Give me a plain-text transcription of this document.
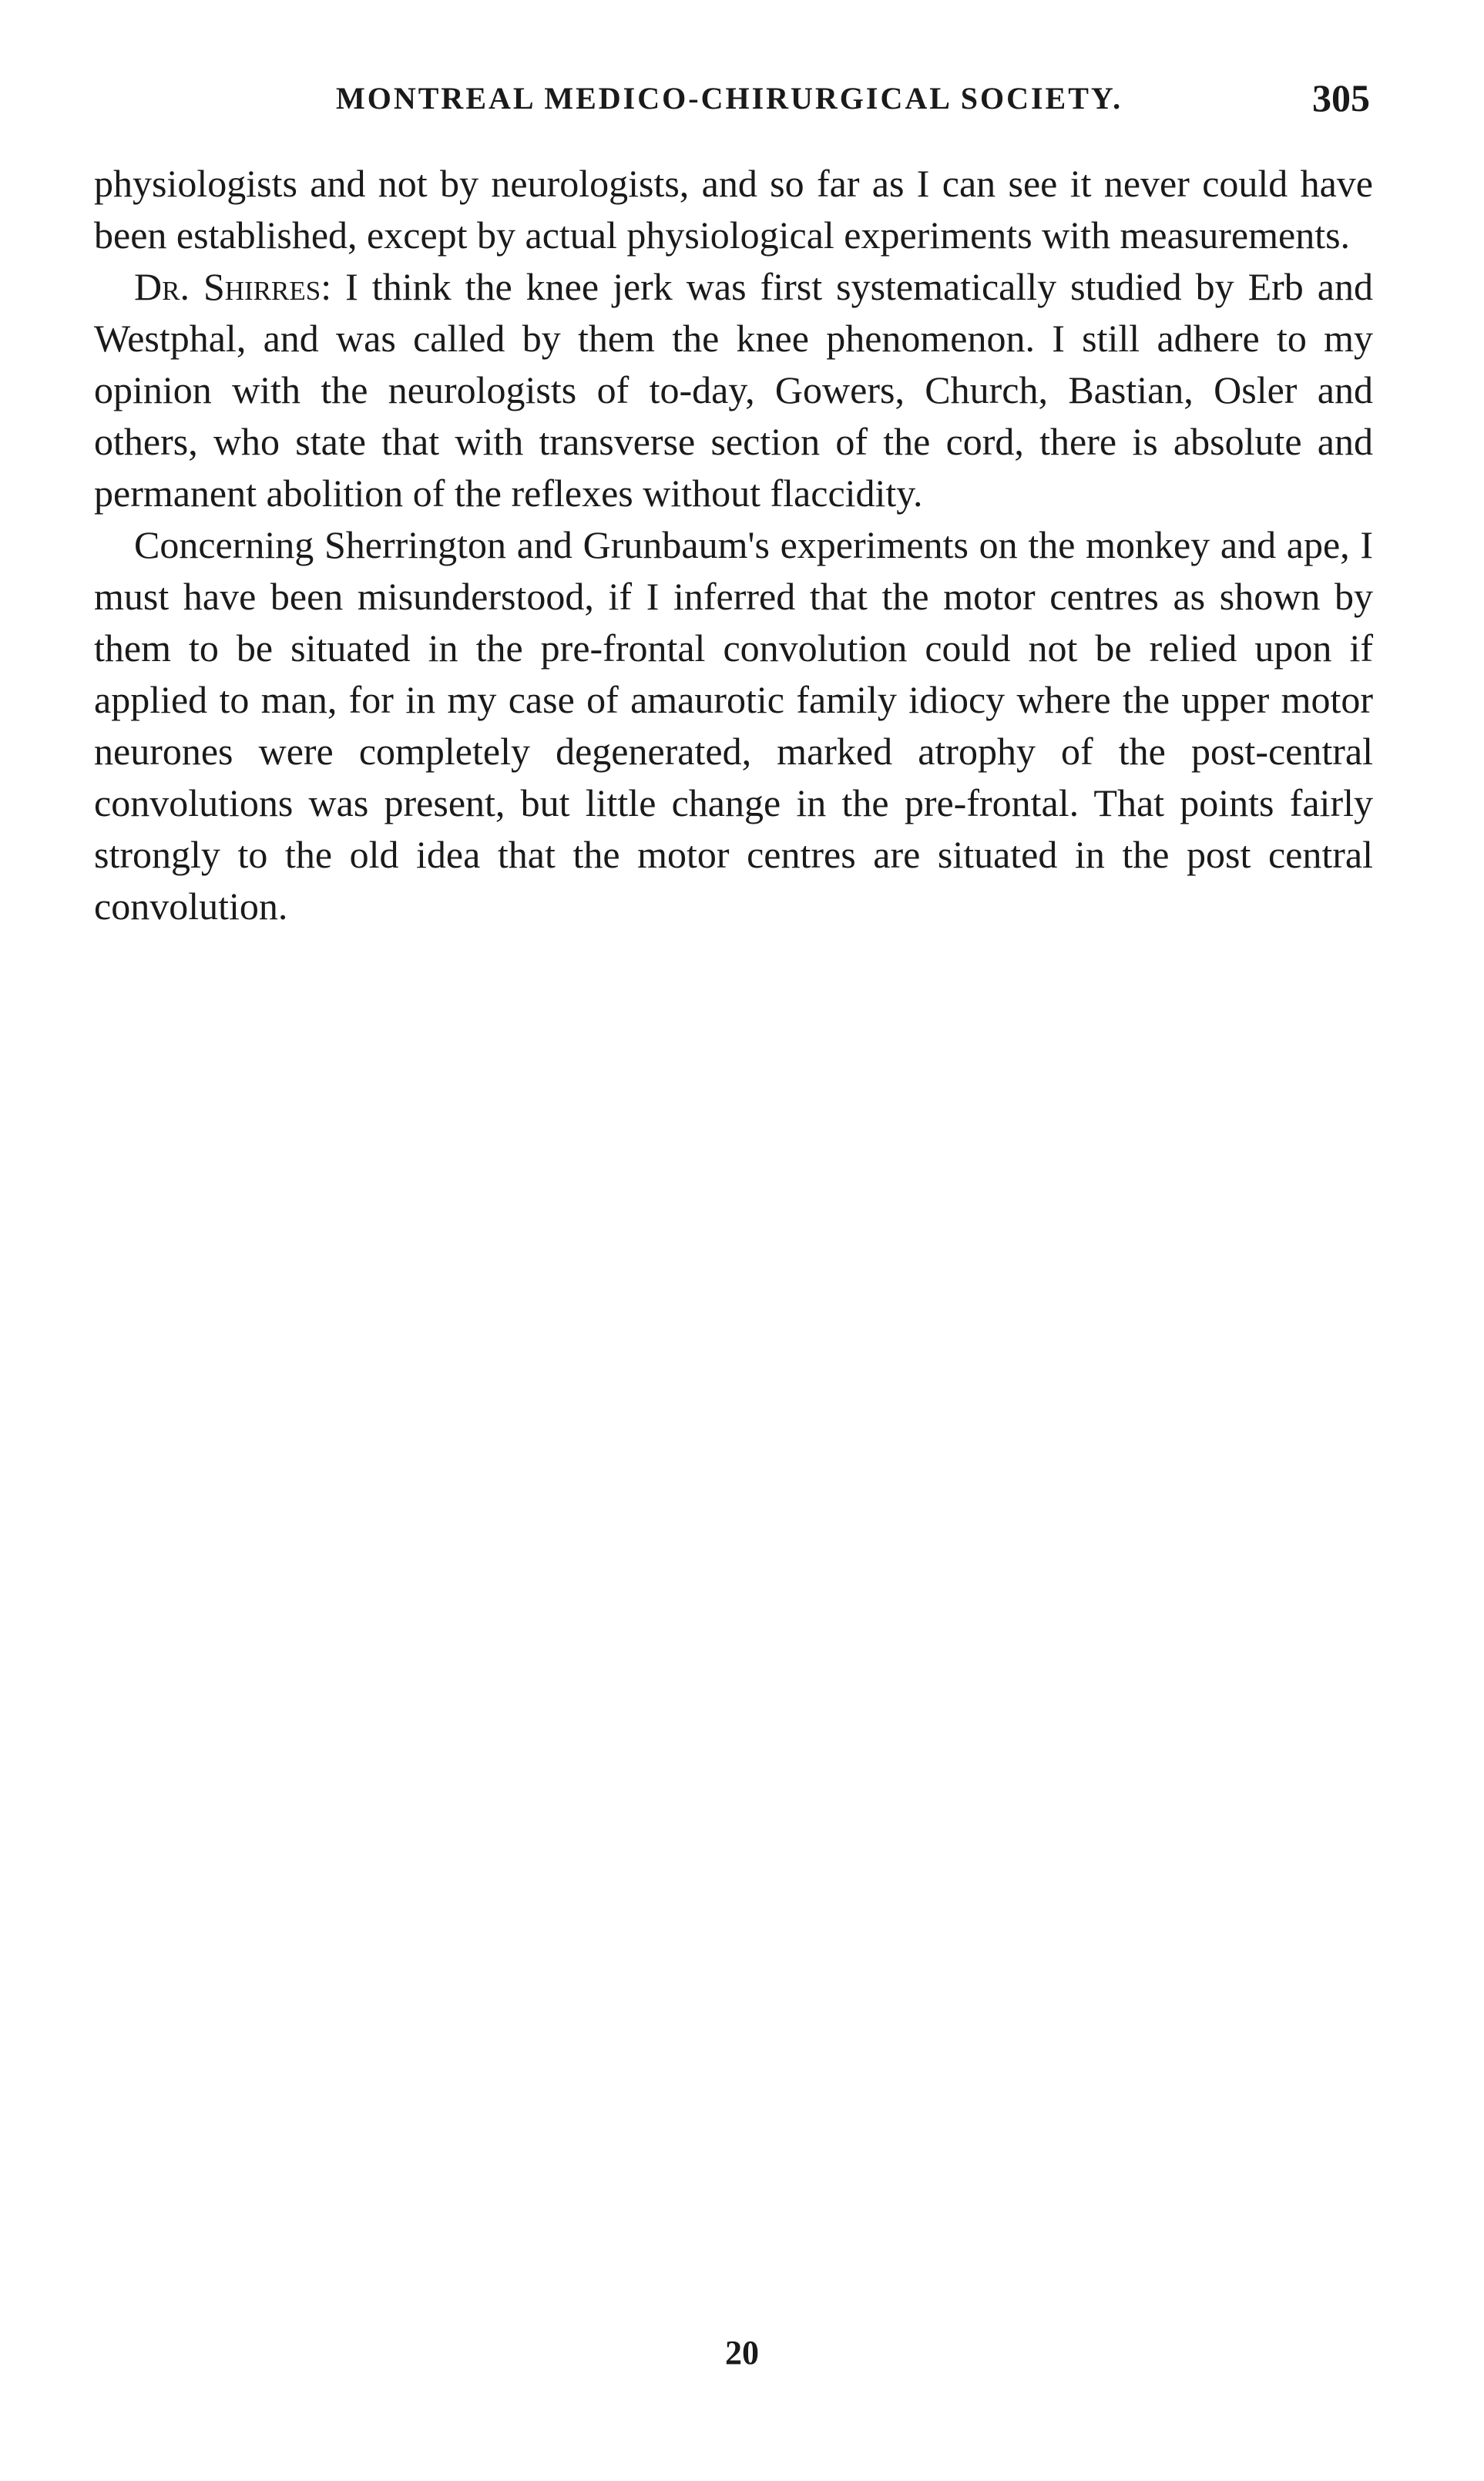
MONTREAL MEDICO-CHIRURGICAL SOCIETY.	305

physiologists and not by neurologists, and so far as I can see it never could have been established, except by actual physiological experiments with measurements.

Dr. Shirres: I think the knee jerk was first systematically studied by Erb and Westphal, and was called by them the knee phenomenon. I still adhere to my opinion with the neurologists of to-day, Gowers, Church, Bastian, Osler and others, who state that with transverse section of the cord, there is absolute and permanent abolition of the reflexes without flaccidity.

Concerning Sherrington and Grunbaum's experiments on the monkey and ape, I must have been misunderstood, if I inferred that the motor centres as shown by them to be situated in the pre-frontal convolution could not be relied upon if applied to man, for in my case of amaurotic family idiocy where the upper motor neurones were completely degenerated, marked atrophy of the post-central convolutions was present, but little change in the pre-frontal. That points fairly strongly to the old idea that the motor centres are situated in the post central convolution.

20
